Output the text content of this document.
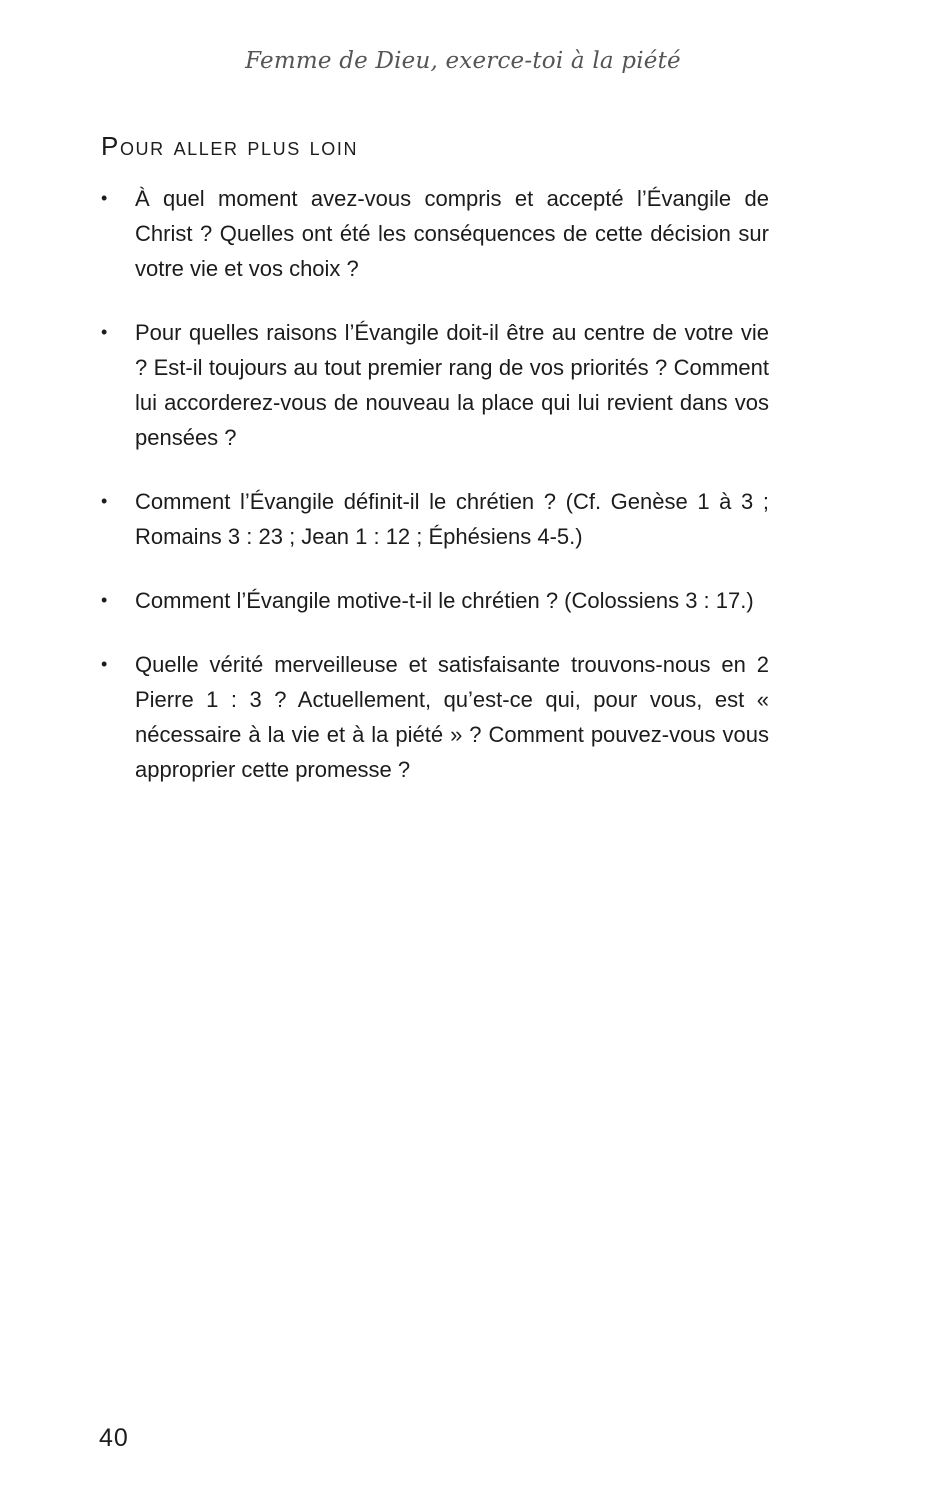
Femme de Dieu, exerce-toi à la piété
Pour aller plus loin
•	À quel moment avez-vous compris et accepté l’Évangile de Christ ? Quelles ont été les conséquences de cette décision sur votre vie et vos choix ?
•	Pour quelles raisons l’Évangile doit-il être au centre de votre vie ? Est-il toujours au tout premier rang de vos priorités ? Comment lui accorderez-vous de nouveau la place qui lui revient dans vos pensées ?
•	Comment l’Évangile définit-il le chrétien ? (Cf. Genèse 1 à 3 ; Romains 3 : 23 ; Jean 1 : 12 ; Éphésiens 4-5.)
•	Comment l’Évangile motive-t-il le chrétien ? (Colossiens 3 : 17.)
•	Quelle vérité merveilleuse et satisfaisante trouvons-nous en 2 Pierre 1 : 3 ? Actuellement, qu’est-ce qui, pour vous, est « nécessaire à la vie et à la piété » ? Comment pouvez-vous vous approprier cette promesse ?
40
